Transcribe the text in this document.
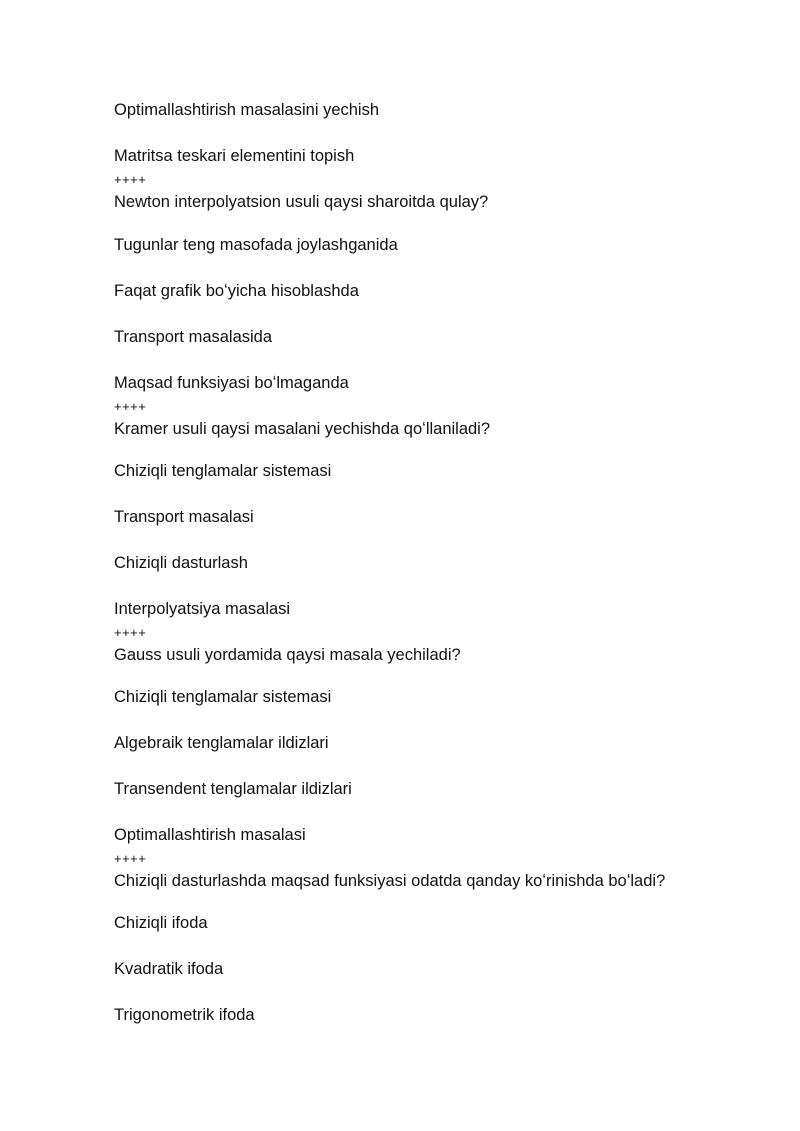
Optimallashtirish masalasini yechish
Matritsa teskari elementini topish
++++
Newton interpolyatsion usuli qaysi sharoitda qulay?
Tugunlar teng masofada joylashganida
Faqat grafik boʻyicha hisoblashda
Transport masalasida
Maqsad funksiyasi boʻlmaganda
++++
Kramer usuli qaysi masalani yechishda qoʻllaniladi?
Chiziqli tenglamalar sistemasi
Transport masalasi
Chiziqli dasturlash
Interpolyatsiya masalasi
++++
Gauss usuli yordamida qaysi masala yechiladi?
Chiziqli tenglamalar sistemasi
Algebraik tenglamalar ildizlari
Transendent tenglamalar ildizlari
Optimallashtirish masalasi
++++
Chiziqli dasturlashda maqsad funksiyasi odatda qanday koʻrinishda boʻladi?
Chiziqli ifoda
Kvadratik ifoda
Trigonometrik ifoda
